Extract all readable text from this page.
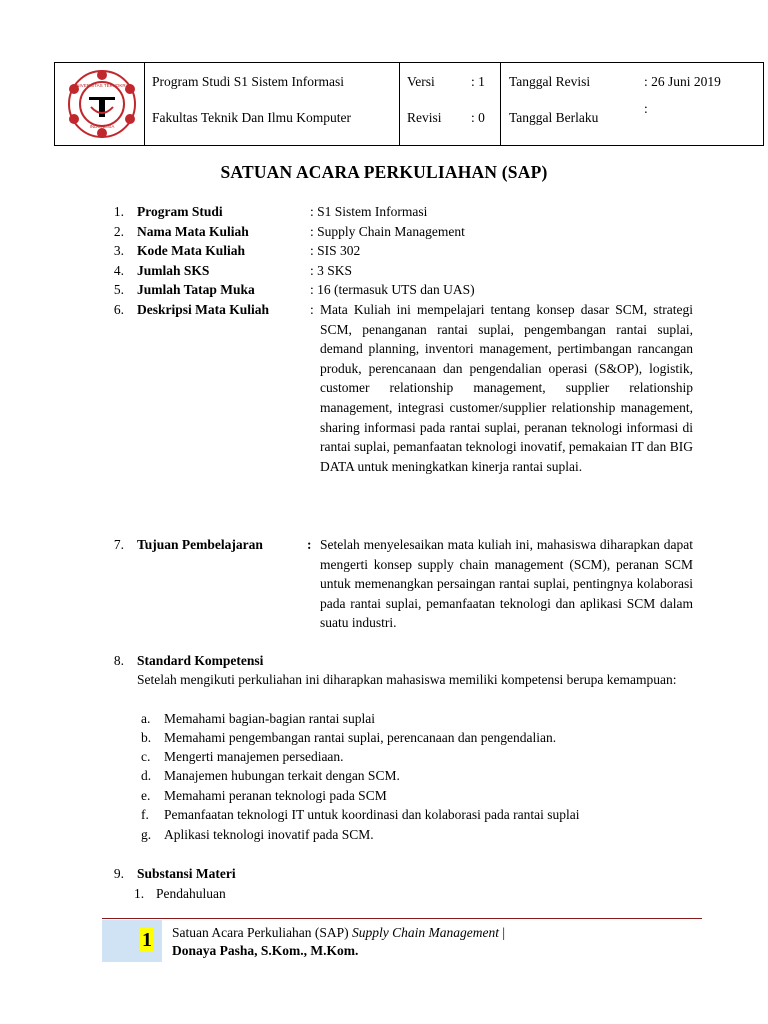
UNIVERSITAS TEKNOKRAT
INDONESIA
Program Studi S1 Sistem Informasi
Fakultas Teknik Dan Ilmu Komputer
Versi	: 1
Revisi : 0
Tanggal Revisi	: 26 Juni 2019
Tanggal Berlaku
:
SATUAN ACARA PERKULIAHAN (SAP)
1. Program Studi	: S1 Sistem Informasi
2. Nama Mata Kuliah	: Supply Chain Management
3. Kode Mata Kuliah	: SIS 302
4. Jumlah SKS	: 3 SKS
5. Jumlah Tatap Muka	: 16 (termasuk UTS dan UAS)
6. Deskripsi Mata Kuliah	: Mata Kuliah ini mempelajari tentang konsep dasar SCM, strategi SCM, penanganan rantai suplai, pengembangan rantai suplai, demand planning, inventori management, pertimbangan rancangan produk, perencanaan dan pengendalian operasi (S&OP), logistik, customer relationship management, supplier relationship management, integrasi customer/supplier relationship management, sharing informasi pada rantai suplai, peranan teknologi informasi di rantai suplai, pemanfaatan teknologi inovatif, pemakaian IT dan BIG DATA untuk meningkatkan kinerja rantai suplai.
7. Tujuan Pembelajaran	: Setelah menyelesaikan mata kuliah ini, mahasiswa diharapkan dapat mengerti konsep supply chain management (SCM), peranan SCM untuk memenangkan persaingan rantai suplai, pentingnya kolaborasi pada rantai suplai, pemanfaatan teknologi dan aplikasi SCM dalam suatu industri.
8. Standard Kompetensi
Setelah mengikuti perkuliahan ini diharapkan mahasiswa memiliki kompetensi berupa kemampuan:
a. Memahami bagian-bagian rantai suplai
b. Memahami pengembangan rantai suplai, perencanaan dan pengendalian.
c. Mengerti manajemen persediaan.
d. Manajemen hubungan terkait dengan SCM.
e. Memahami peranan teknologi pada SCM
f. Pemanfaatan teknologi IT untuk koordinasi dan kolaborasi pada rantai suplai
g. Aplikasi teknologi inovatif pada SCM.
9. Substansi Materi
1. Pendahuluan
1 Satuan Acara Perkuliahan (SAP) Supply Chain Management |
Donaya Pasha, S.Kom., M.Kom.
